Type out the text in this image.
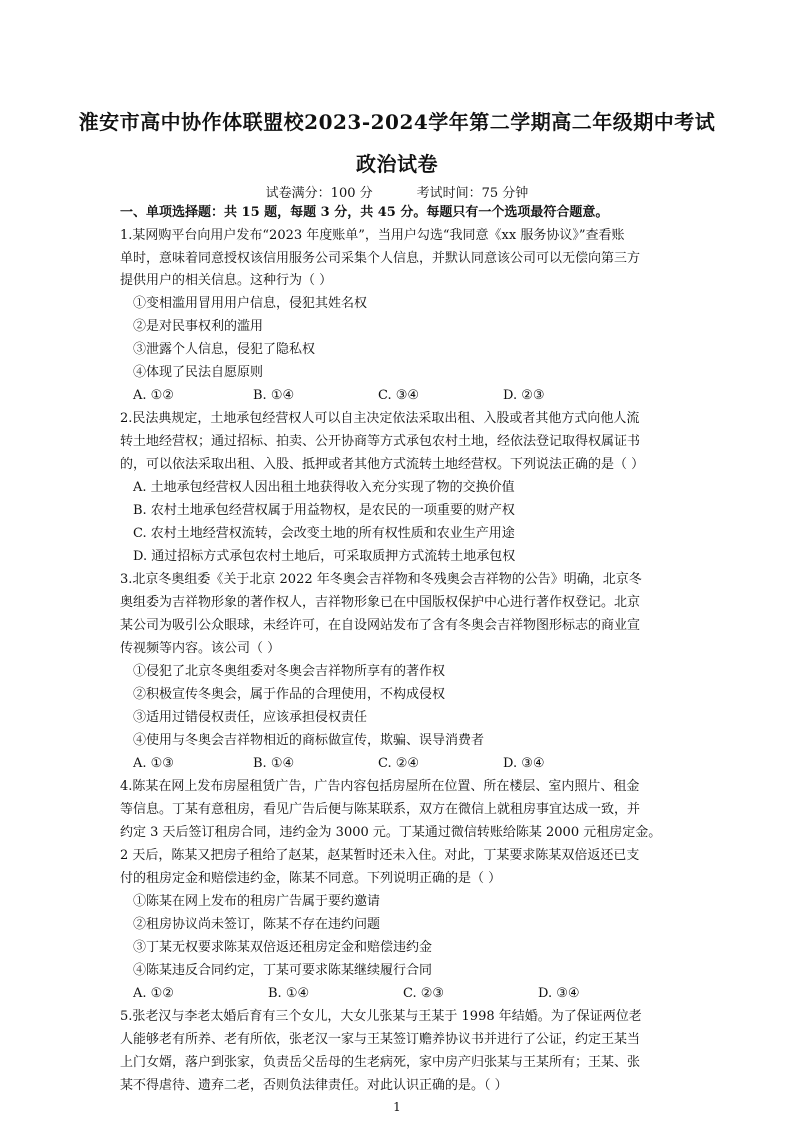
淮安市高中协作体联盟校2023-2024学年第二学期高二年级期中考试
政治试卷
试卷满分：100 分	考试时间：75 分钟
一、单项选择题：共 15 题，每题 3 分，共 45 分。每题只有一个选项最符合题意。
1.某网购平台向用户发布“2023 年度账单”，当用户勾选“我同意《xx 服务协议》”查看账
单时，意味着同意授权该信用服务公司采集个人信息，并默认同意该公司可以无偿向第三方
提供用户的相关信息。这种行为（ ）
①变相滥用冒用用户信息，侵犯其姓名权
②是对民事权利的滥用
③泄露个人信息，侵犯了隐私权
④体现了民法自愿原则
A. ①②	B. ①④	C. ③④	D. ②③
2.民法典规定，土地承包经营权人可以自主决定依法采取出租、入股或者其他方式向他人流
转土地经营权；通过招标、拍卖、公开协商等方式承包农村土地，经依法登记取得权属证书
的，可以依法采取出租、入股、抵押或者其他方式流转土地经营权。下列说法正确的是（ ）
A. 土地承包经营权人因出租土地获得收入充分实现了物的交换价值
B. 农村土地承包经营权属于用益物权，是农民的一项重要的财产权
C. 农村土地经营权流转，会改变土地的所有权性质和农业生产用途
D. 通过招标方式承包农村土地后，可采取质押方式流转土地承包权
3.北京冬奥组委《关于北京 2022 年冬奥会吉祥物和冬残奥会吉祥物的公告》明确，北京冬
奥组委为吉祥物形象的著作权人，吉祥物形象已在中国版权保护中心进行著作权登记。北京
某公司为吸引公众眼球，未经许可，在自设网站发布了含有冬奥会吉祥物图形标志的商业宣
传视频等内容。该公司（ ）
①侵犯了北京冬奥组委对冬奥会吉祥物所享有的著作权
②积极宣传冬奥会，属于作品的合理使用，不构成侵权
③适用过错侵权责任，应该承担侵权责任
④使用与冬奥会吉祥物相近的商标做宣传，欺骗、误导消费者
A. ①③	B. ①④	C. ②④	D. ③④
4.陈某在网上发布房屋租赁广告，广告内容包括房屋所在位置、所在楼层、室内照片、租金
等信息。丁某有意租房，看见广告后便与陈某联系，双方在微信上就租房事宜达成一致，并
约定 3 天后签订租房合同，违约金为 3000 元。丁某通过微信转账给陈某 2000 元租房定金。
2 天后，陈某又把房子租给了赵某，赵某暂时还未入住。对此，丁某要求陈某双倍返还已支
付的租房定金和赔偿违约金，陈某不同意。下列说明正确的是（ ）
①陈某在网上发布的租房广告属于要约邀请
②租房协议尚未签订，陈某不存在违约问题
③丁某无权要求陈某双倍返还租房定金和赔偿违约金
④陈某违反合同约定，丁某可要求陈某继续履行合同
A. ①②	B. ①④	C. ②③	D. ③④
5.张老汉与李老太婚后育有三个女儿，大女儿张某与王某于 1998 年结婚。为了保证两位老
人能够老有所养、老有所依，张老汉一家与王某签订赡养协议书并进行了公证，约定王某当
上门女婿，落户到张家，负责岳父岳母的生老病死，家中房产归张某与王某所有；王某、张
某不得虐待、遗弃二老，否则负法律责任。对此认识正确的是。（ ）
1
